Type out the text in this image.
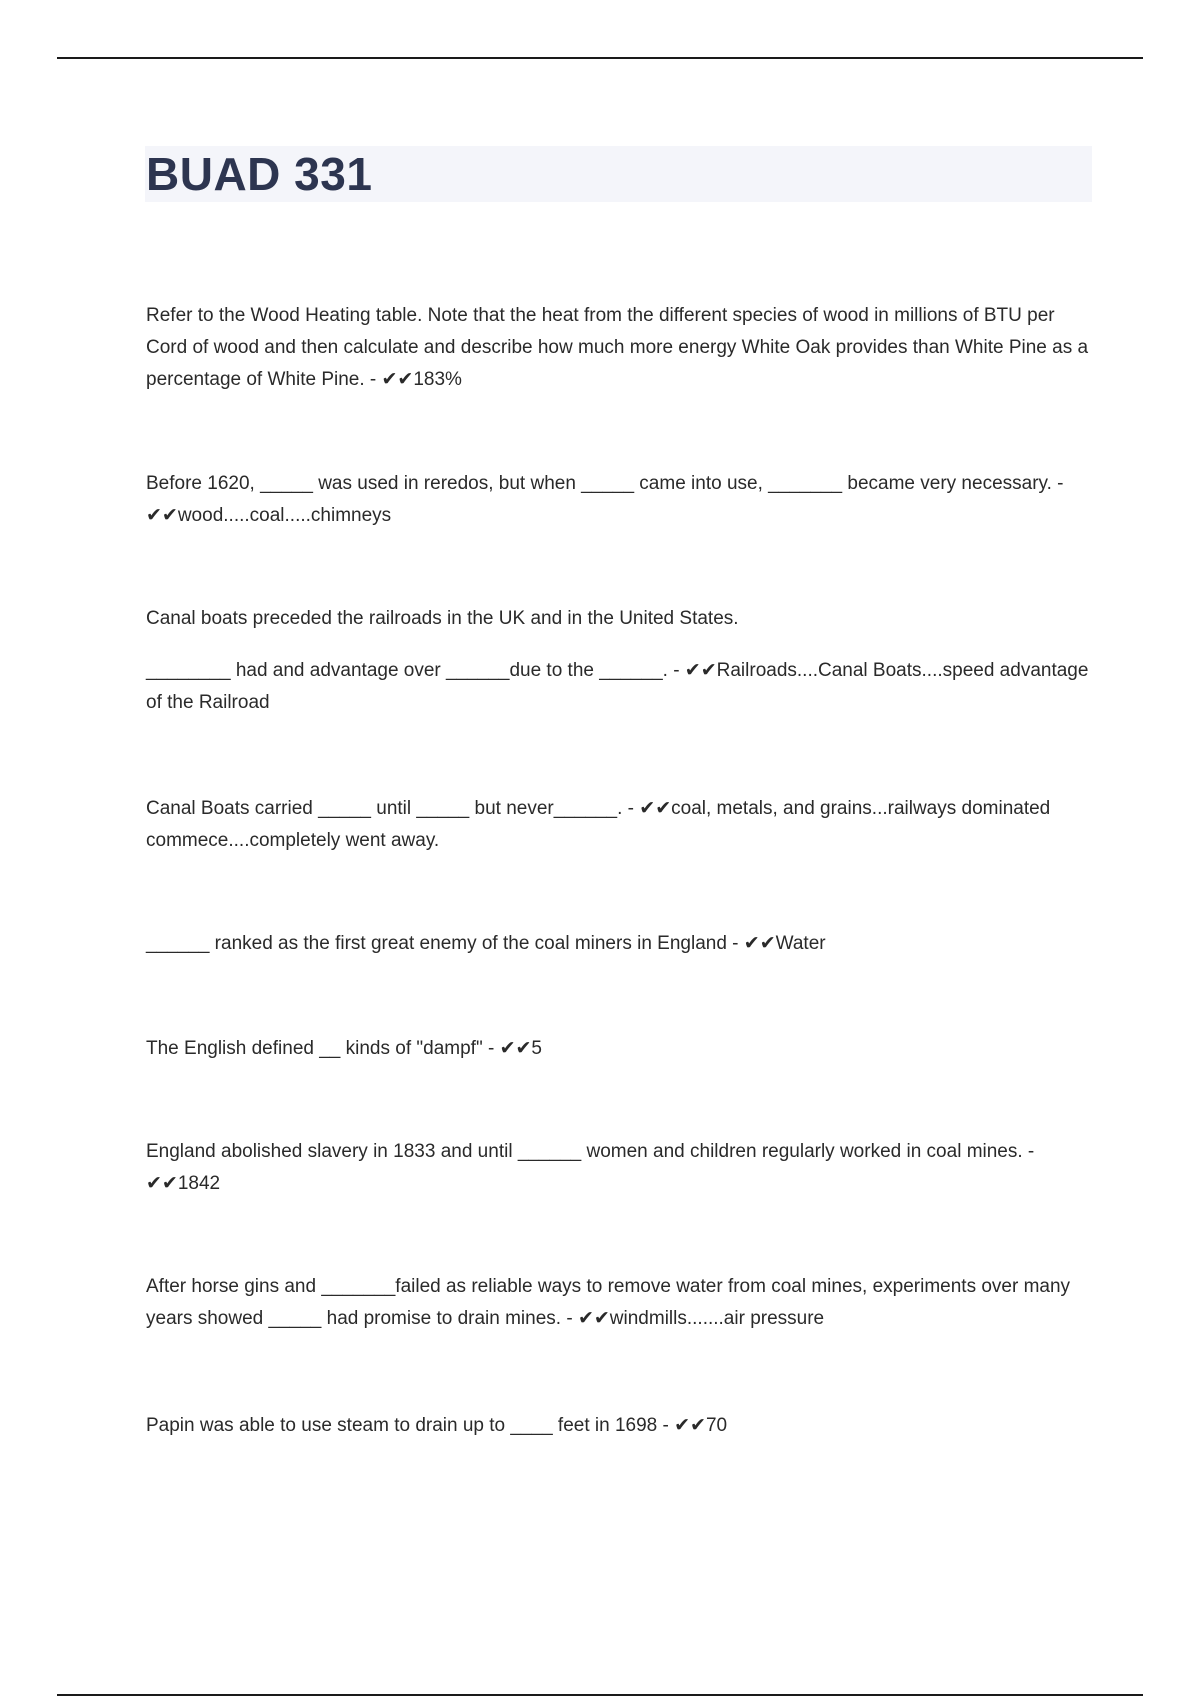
BUAD 331

Refer to the Wood Heating table. Note that the heat from the different species of wood in millions of BTU per Cord of wood and then calculate and describe how much more energy White Oak provides than White Pine as a percentage of White Pine. - ✔✔183%

Before 1620, _____ was used in reredos, but when _____ came into use, _______ became very necessary. - ✔✔wood.....coal.....chimneys

Canal boats preceded the railroads in the UK and in the United States.

________ had and advantage over ______due to the ______. - ✔✔Railroads....Canal Boats....speed advantage of the Railroad

Canal Boats carried _____ until _____ but never______. - ✔✔coal, metals, and grains...railways dominated commece....completely went away.

______ ranked as the first great enemy of the coal miners in England - ✔✔Water

The English defined __ kinds of "dampf" - ✔✔5

England abolished slavery in 1833 and until ______ women and children regularly worked in coal mines. - ✔✔1842

After horse gins and _______failed as reliable ways to remove water from coal mines, experiments over many years showed _____ had promise to drain mines. - ✔✔windmills.......air pressure

Papin was able to use steam to drain up to ____ feet in 1698 - ✔✔70
